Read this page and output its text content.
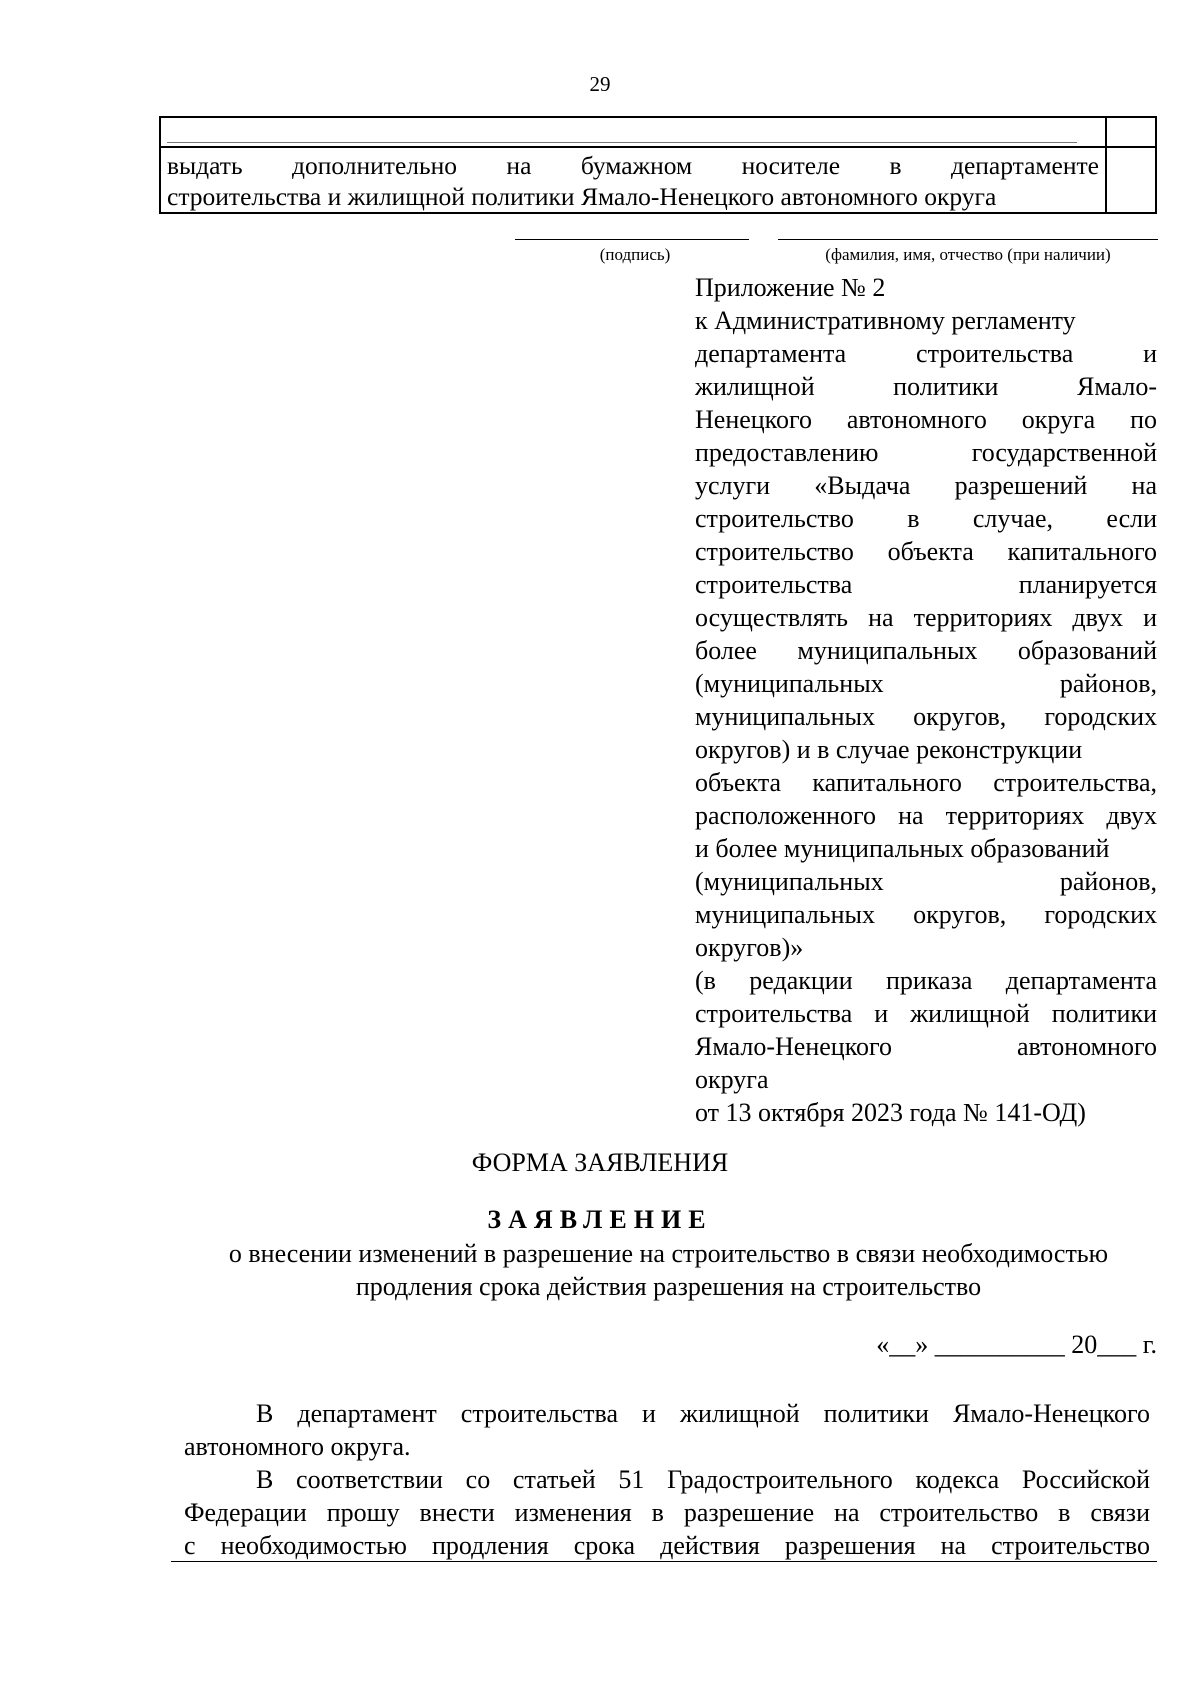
29
выдать дополнительно на бумажном носителе в департаменте
строительства и жилищной политики Ямало-Ненецкого автономного округа
(подпись)	(фамилия, имя, отчество (при наличии)
Приложение № 2
к Административному регламенту
департамента строительства и
жилищной политики Ямало-
Ненецкого автономного округа по
предоставлению государственной
услуги «Выдача разрешений на
строительство в случае, если
строительство объекта капитального
строительства планируется
осуществлять на территориях двух и
более муниципальных образований
(муниципальных районов,
муниципальных округов, городских
округов) и в случае реконструкции
объекта капитального строительства,
расположенного на территориях двух
и более муниципальных образований
(муниципальных районов,
муниципальных округов, городских
округов)»
(в редакции приказа департамента
строительства и жилищной политики
Ямало-Ненецкого автономного
округа
от 13 октября 2023 года № 141-ОД)
ФОРМА ЗАЯВЛЕНИЯ
ЗАЯВЛЕНИЕ
о внесении изменений в разрешение на строительство в связи необходимостью
продления срока действия разрешения на строительство
«__» __________ 20___ г.
В департамент строительства и жилищной политики Ямало-Ненецкого
автономного округа.
В соответствии со статьей 51 Градостроительного кодекса Российской
Федерации прошу внести изменения в разрешение на строительство в связи
с необходимостью продления срока действия разрешения на строительство
